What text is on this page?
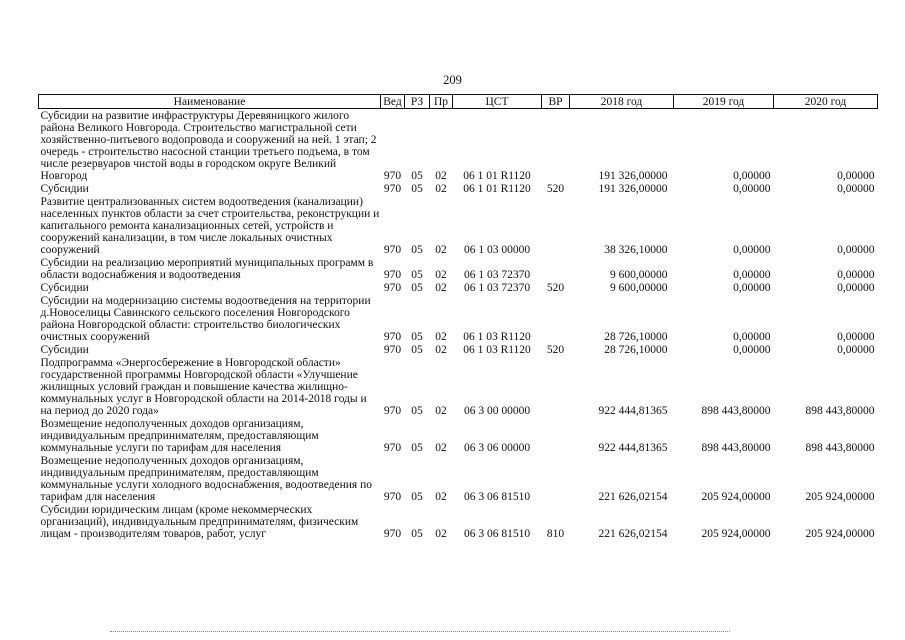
209
Наименование	Вед	РЗ	Пр	ЦСТ	ВР	2018 год	2019 год	2020 год
Субсидии на развитие инфраструктуры Деревяницкого жилого района Великого Новгорода. Строительство магистральной сети хозяйственно-питьевого водопровода и сооружений на ней. 1 этап; 2 очередь - строительство насосной станции третьего подъема, в том числе резервуаров чистой воды в городском округе Великий Новгород	970	05	02	06 1 01 R1120		191 326,00000	0,00000	0,00000
Субсидии	970	05	02	06 1 01 R1120	520	191 326,00000	0,00000	0,00000
Развитие централизованных систем водоотведения (канализации) населенных пунктов области за счет строительства, реконструкции и капитального ремонта канализационных сетей, устройств и сооружений канализации, в том числе локальных очистных сооружений	970	05	02	06 1 03 00000		38 326,10000	0,00000	0,00000
Субсидии на реализацию мероприятий муниципальных программ в области водоснабжения и водоотведения	970	05	02	06 1 03 72370		9 600,00000	0,00000	0,00000
Субсидии	970	05	02	06 1 03 72370	520	9 600,00000	0,00000	0,00000
Субсидии на модернизацию системы водоотведения на территории д.Новоселицы Савинского сельского поселения Новгородского района Новгородской области: строительство биологических очистных сооружений	970	05	02	06 1 03 R1120		28 726,10000	0,00000	0,00000
Субсидии	970	05	02	06 1 03 R1120	520	28 726,10000	0,00000	0,00000
Подпрограмма «Энергосбережение в Новгородской области» государственной программы Новгородской области «Улучшение жилищных условий граждан и повышение качества жилищно-коммунальных услуг в Новгородской области на 2014-2018 годы и на период до 2020 года»	970	05	02	06 3 00 00000		922 444,81365	898 443,80000	898 443,80000
Возмещение недополученных доходов организациям, индивидуальным предпринимателям, предоставляющим коммунальные услуги по тарифам для населения	970	05	02	06 3 06 00000		922 444,81365	898 443,80000	898 443,80000
Возмещение недополученных доходов организациям, индивидуальным предпринимателям, предоставляющим коммунальные услуги холодного водоснабжения, водоотведения по тарифам для населения	970	05	02	06 3 06 81510		221 626,02154	205 924,00000	205 924,00000
Субсидии юридическим лицам (кроме некоммерческих организаций), индивидуальным предпринимателям, физическим лицам - производителям товаров, работ, услуг	970	05	02	06 3 06 81510	810	221 626,02154	205 924,00000	205 924,00000
